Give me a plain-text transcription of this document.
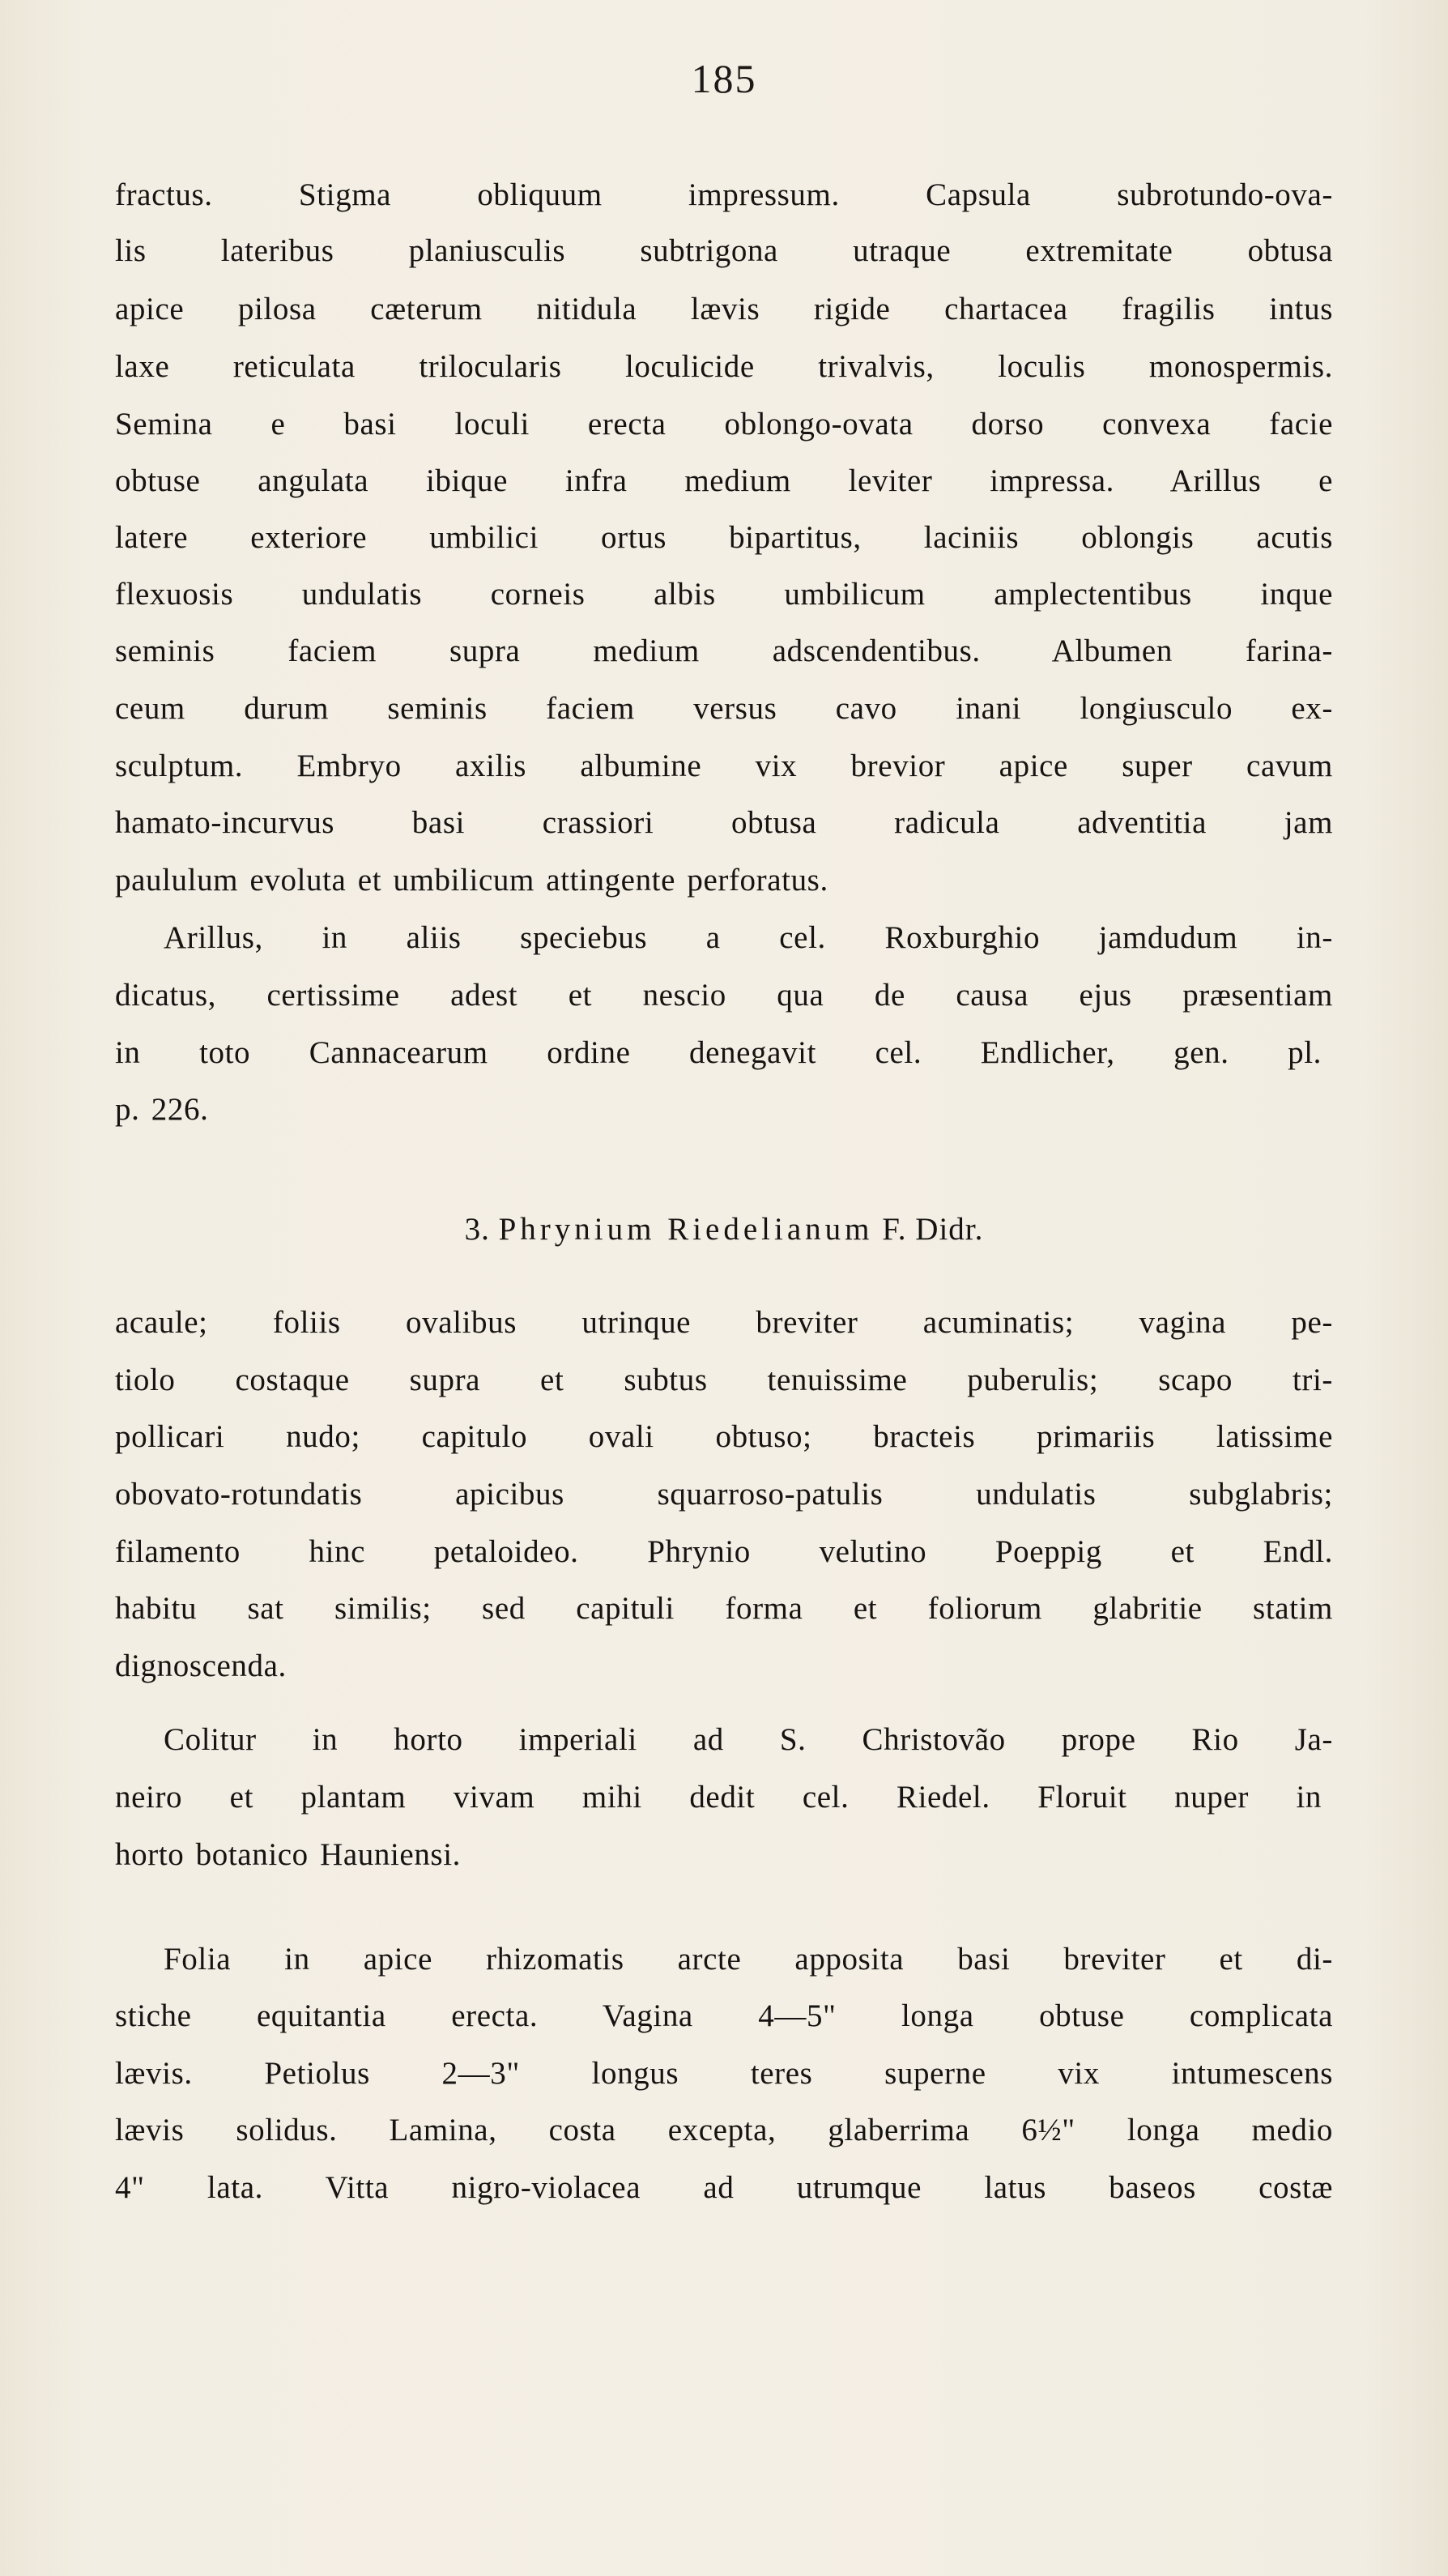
185
fractus. Stigma obliquum impressum. Capsula subrotundo-ova-
lis lateribus planiusculis subtrigona utraque extremitate obtusa
apice pilosa cæterum nitidula lævis rigide chartacea fragilis intus
laxe reticulata trilocularis loculicide trivalvis, loculis monospermis.
Semina e basi loculi erecta oblongo-ovata dorso convexa facie
obtuse angulata ibique infra medium leviter impressa. Arillus e
latere exteriore umbilici ortus bipartitus, laciniis oblongis acutis
flexuosis undulatis corneis albis umbilicum amplectentibus inque
seminis faciem supra medium adscendentibus. Albumen farina-
ceum durum seminis faciem versus cavo inani longiusculo ex-
sculptum. Embryo axilis albumine vix brevior apice super cavum
hamato-incurvus basi crassiori obtusa radicula adventitia jam
paululum evoluta et umbilicum attingente perforatus.
Arillus, in aliis speciebus a cel. Roxburghio jamdudum in-
dicatus, certissime adest et nescio qua de causa ejus præsentiam
in toto Cannacearum ordine denegavit cel. Endlicher, gen. pl.
p. 226.
3. Phrynium Riedelianum F. Didr.
acaule; foliis ovalibus utrinque breviter acuminatis; vagina pe-
tiolo costaque supra et subtus tenuissime puberulis; scapo tri-
pollicari nudo; capitulo ovali obtuso; bracteis primariis latissime
obovato-rotundatis apicibus squarroso-patulis undulatis subglabris;
filamento hinc petaloideo. Phrynio velutino Poeppig et Endl.
habitu sat similis; sed capituli forma et foliorum glabritie statim
dignoscenda.
Colitur in horto imperiali ad S. Christovão prope Rio Ja-
neiro et plantam vivam mihi dedit cel. Riedel. Floruit nuper in
horto botanico Hauniensi.
Folia in apice rhizomatis arcte apposita basi breviter et di-
stiche equitantia erecta. Vagina 4—5" longa obtuse complicata
lævis. Petiolus 2—3" longus teres superne vix intumescens
lævis solidus. Lamina, costa excepta, glaberrima 6½" longa medio
4" lata. Vitta nigro-violacea ad utrumque latus baseos costæ
